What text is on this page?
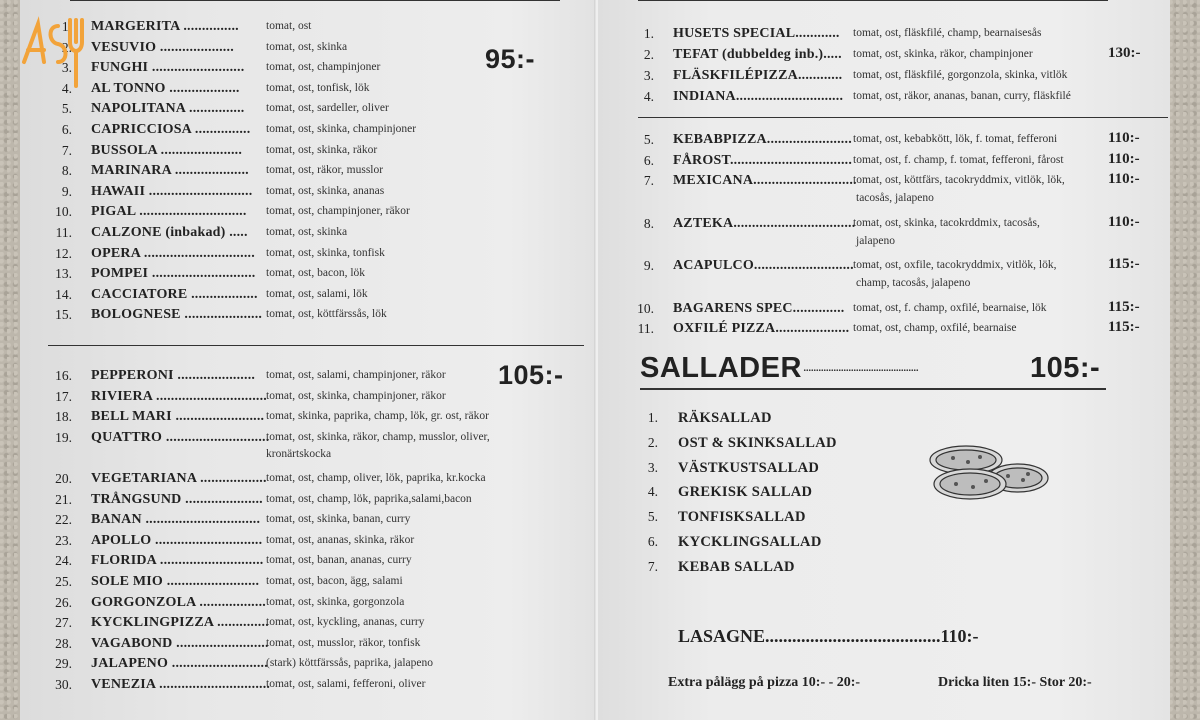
1. MARGERITA ............... tomat, ost
2. VESUVIO ....................	tomat, ost, skinka
3. FUNGHI ......................... tomat, ost, champinjoner
4. AL TONNO ................... tomat, ost, tonfisk, lök
5. NAPOLITANA ............... tomat, ost, sardeller, oliver
6. CAPRICCIOSA ............... tomat, ost, skinka, champinjoner
7. BUSSOLA ...................... tomat, ost, skinka, räkor
8. MARINARA .................... tomat, ost, räkor, musslor
9. HAWAII ............................ tomat, ost, skinka, ananas
10. PIGAL ............................. tomat, ost, champinjoner, räkor
11. CALZONE (inbakad) ..... tomat, ost, skinka
12. OPERA .............................. tomat, ost, skinka, tonfisk
13. POMPEI ............................ tomat, ost, bacon, lök
14. CACCIATORE .................. tomat, ost, salami, lök
15. BOLOGNESE ..................... tomat, ost, köttfärssås, lök
95:-
16. PEPPERONI ..................... tomat, ost, salami, champinjoner, räkor
17. RIVIERA ..............................
tomat, ost, skinka, champinjoner, räkor
18. BELL MARI ........................ tomat, skinka, paprika, champ, lök, gr. ost, räkor
19. QUATTRO ............................
tomat, ost, skinka, räkor, champ, musslor, oliver,
kronärtskocka
20. VEGETARIANA .................. tomat, ost, champ, oliver, lök, paprika, kr.kocka
21. TRÅNGSUND ..................... tomat, ost, champ, lök, paprika,salami,bacon
22. BANAN ............................... tomat, ost, skinka, banan, curry
23. APOLLO ............................. tomat, ost, ananas, skinka, räkor
24. FLORIDA ............................ tomat, ost, banan, ananas, curry
25. SOLE MIO ......................... tomat, ost, bacon, ägg, salami
26. GORGONZOLA .................. tomat, ost, skinka, gorgonzola
27. KYCKLINGPIZZA ..............
tomat, ost, kyckling, ananas, curry
28. VAGABOND .........................
tomat, ost, musslor, räkor, tonfisk
29. JALAPENO ..........................
(stark) köttfärssås, paprika, jalapeno
30. VENEZIA ..............................
tomat, ost, salami, fefferoni, oliver
105:-
1. HUSETS SPECIAL............ tomat, ost, fläskfilé, champ, bearnaisesås
2. TEFAT (dubbeldeg inb.)..... tomat, ost, skinka, räkor, champinjoner	130:-
3. FLÄSKFILÉPIZZA............ tomat, ost, fläskfilé, gorgonzola, skinka, vitlök
4. INDIANA............................. tomat, ost, räkor, ananas, banan, curry, fläskfilé
5. KEBABPIZZA....................... tomat, ost, kebabkött, lök, f. tomat, fefferoni	110:-
6. FÅROST................................. tomat, ost, f. champ, f. tomat, fefferoni, fårost	110:-
7. MEXICANA............................
tomat, ost, köttfärs, tacokryddmix, vitlök, lök,
tacosås, jalapeno
110:-
8. AZTEKA.................................
tomat, ost, skinka, tacokrddmix, tacosås,
jalapeno
110:-
9. ACAPULCO........................... tomat, ost, oxfile, tacokryddmix, vitlök, lök,
champ, tacosås, jalapeno
115:-
10. BAGARENS SPEC.............. tomat, ost, f. champ, oxfilé, bearnaise, lök	115:-
11. OXFILÉ PIZZA.................... tomat, ost, champ, oxfilé, bearnaise	115:-
SALLADER ..............................................	105:-
1. RÄKSALLAD
2. OST & SKINKSALLAD
3. VÄSTKUSTSALLAD
4. GREKISK SALLAD
5. TONFISKSALLAD
6. KYCKLINGSALLAD
7. KEBAB SALLAD
LASAGNE.......................................110:-
Extra pålägg på pizza 10:- - 20:-	Dricka liten 15:- Stor 20:-
